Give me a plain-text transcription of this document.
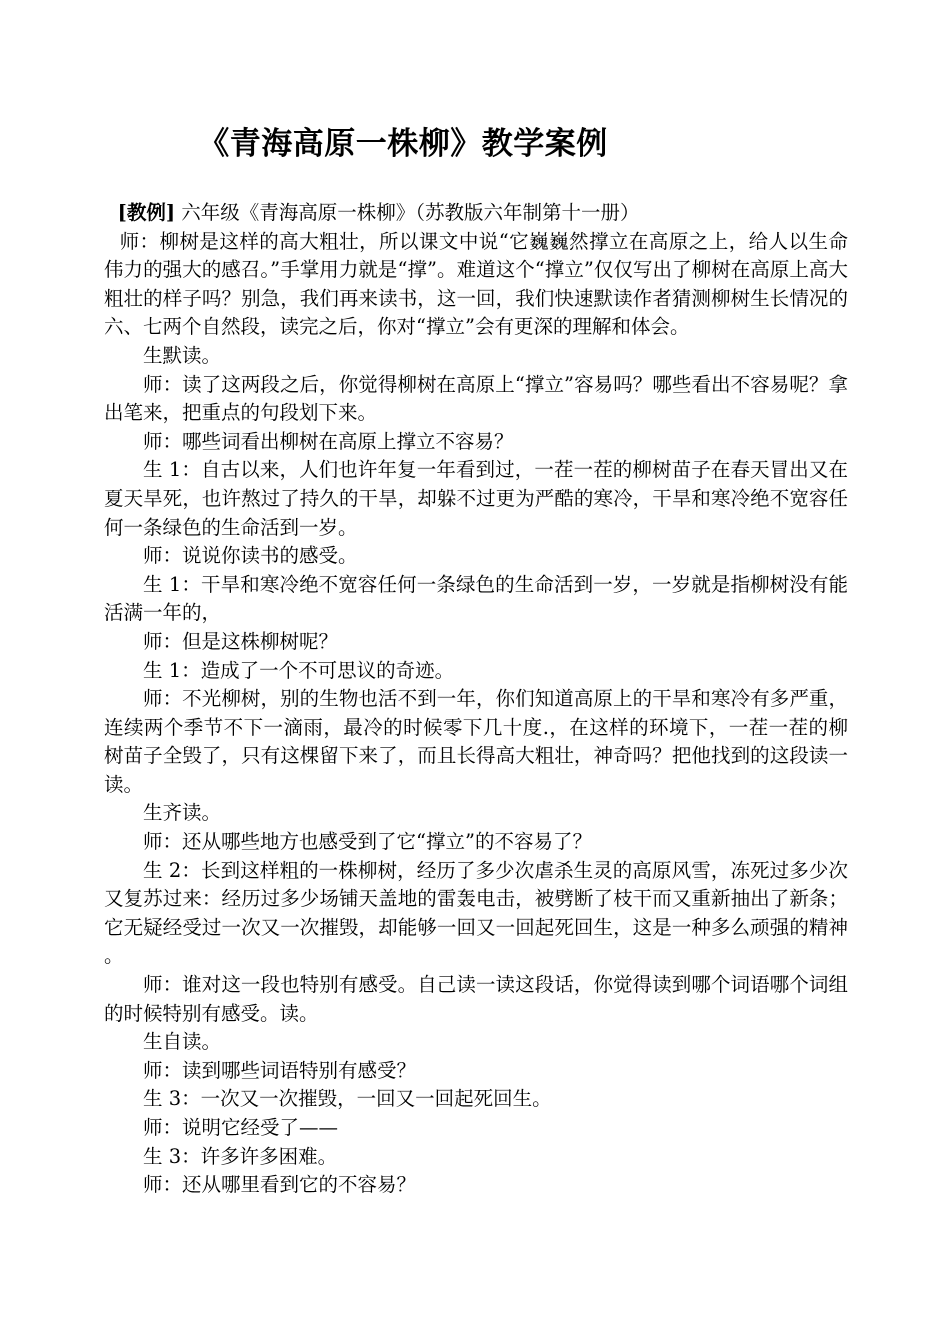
《青海高原一株柳》教学案例

[教例] 六年级《青海高原一株柳》（苏教版六年制第十一册）

师：柳树是这样的高大粗壮，所以课文中说“它巍巍然撑立在高原之上，给人以生命伟力的强大的感召。”手掌用力就是“撑”。难道这个“撑立”仅仅写出了柳树在高原上高大粗壮的样子吗？别急，我们再来读书，这一回，我们快速默读作者猜测柳树生长情况的六、七两个自然段，读完之后，你对“撑立”会有更深的理解和体会。

生默读。

师：读了这两段之后，你觉得柳树在高原上“撑立”容易吗？哪些看出不容易呢？拿出笔来，把重点的句段划下来。

师：哪些词看出柳树在高原上撑立不容易？

生 1：自古以来，人们也许年复一年看到过，一茬一茬的柳树苗子在春天冒出又在夏天旱死，也许熬过了持久的干旱，却躲不过更为严酷的寒冷，干旱和寒冷绝不宽容任何一条绿色的生命活到一岁。

师：说说你读书的感受。

生 1：干旱和寒冷绝不宽容任何一条绿色的生命活到一岁，一岁就是指柳树没有能活满一年的，

师：但是这株柳树呢？

生 1：造成了一个不可思议的奇迹。

师：不光柳树，别的生物也活不到一年，你们知道高原上的干旱和寒冷有多严重，连续两个季节不下一滴雨，最冷的时候零下几十度.，在这样的环境下，一茬一茬的柳树苗子全毁了，只有这棵留下来了，而且长得高大粗壮，神奇吗？把他找到的这段读一读。

生齐读。

师：还从哪些地方也感受到了它“撑立”的不容易了？

生 2：长到这样粗的一株柳树，经历了多少次虐杀生灵的高原风雪，冻死过多少次又复苏过来：经历过多少场铺天盖地的雷轰电击，被劈断了枝干而又重新抽出了新条；它无疑经受过一次又一次摧毁，却能够一回又一回起死回生，这是一种多么顽强的精神。

师：谁对这一段也特别有感受。自己读一读这段话，你觉得读到哪个词语哪个词组的时候特别有感受。读。

生自读。

师：读到哪些词语特别有感受？

生 3：一次又一次摧毁，一回又一回起死回生。

师：说明它经受了——

生 3：许多许多困难。

师：还从哪里看到它的不容易？
